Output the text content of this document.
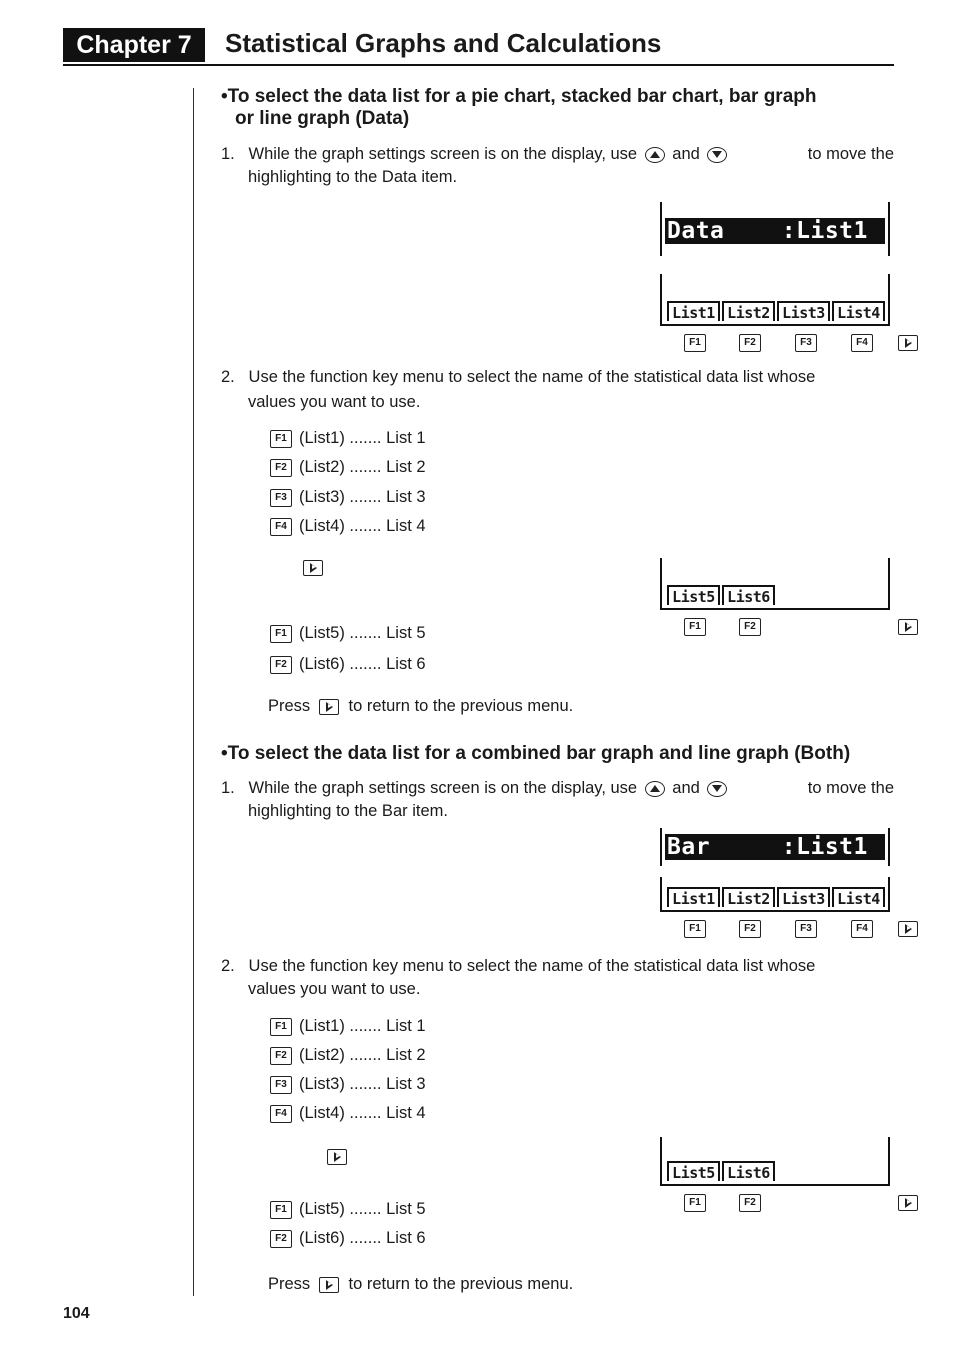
Chapter 7	Statistical Graphs and Calculations
•To select the data list for a pie chart, stacked bar chart, bar graph
or line graph (Data)
1. While the graph settings screen is on the display, use and	to move the
highlighting to the Data item.
Data    :List1
List1 List2 List3 List4
F1	F2	F3	F4
2.
Use the function key menu to select the name of the statistical data list whose
values you want to use.
F1 (List1) ....... List 1
F2 (List2) ....... List 2
F3 (List3) ....... List 3
F4 (List4) ....... List 4

List5 List6
F1	F2
F1 (List5) ....... List 5
F2 (List6) ....... List 6
Press to return to the previous menu.
•To select the data list for a combined bar graph and line graph (Both)
1. While the graph settings screen is on the display, use and	to move the
highlighting to the Bar item.
Bar     :List1
List1 List2 List3 List4
F1	F2	F3	F4
2.
Use the function key menu to select the name of the statistical data list whose
values you want to use.
F1 (List1) ....... List 1
F2 (List2) ....... List 2
F3 (List3) ....... List 3
F4 (List4) ....... List 4
List5 List6
F1	F2
F1 (List5) ....... List 5
F2 (List6) ....... List 6
Press to return to the previous menu.
104
